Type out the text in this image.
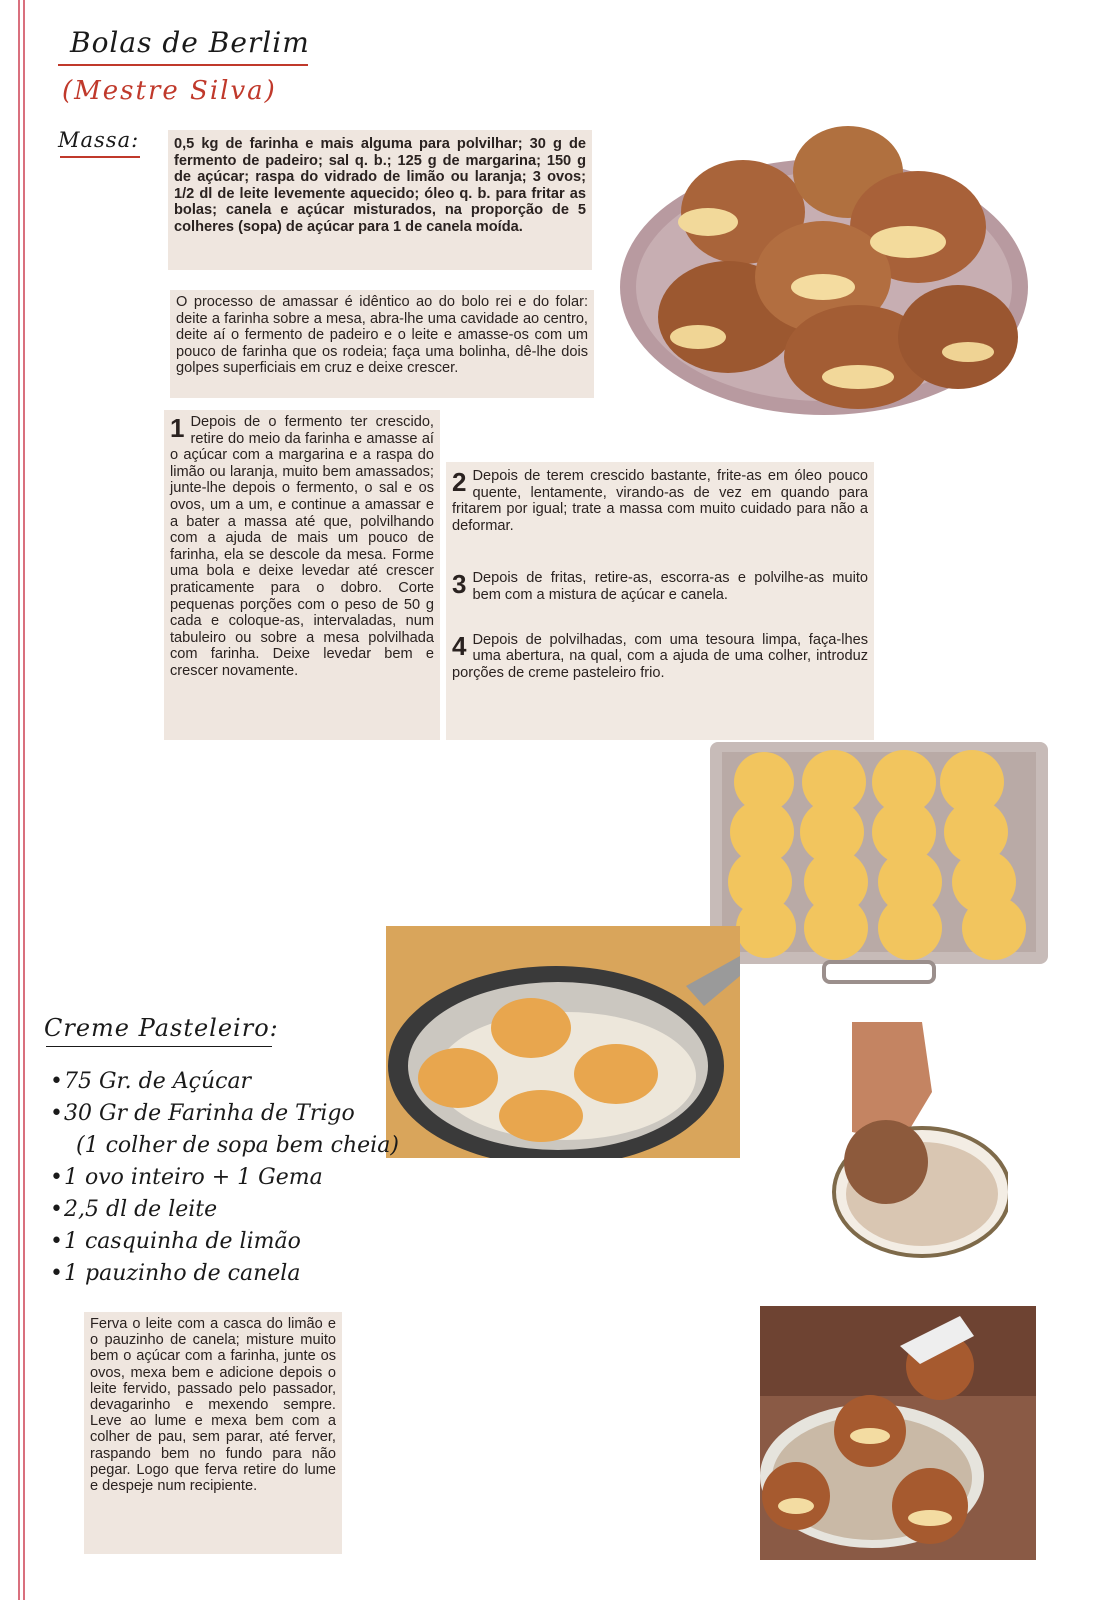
Bolas de Berlim
(Mestre Silva)
Massa:	0,5 kg de farinha e mais alguma para polvilhar; 30 g de fermento de padeiro; sal q. b.; 125 g de margarina; 150 g de açúcar; raspa do vidrado de limão ou laranja; 3 ovos; 1/2 dl de leite levemente aquecido; óleo q. b. para fritar as bolas; canela e açúcar misturados, na proporção de 5 colheres (sopa) de açúcar para 1 de canela moída.
O processo de amassar é idêntico ao do bolo rei e do folar: deite a farinha sobre a mesa, abra-lhe uma cavidade ao centro, deite aí o fermento de padeiro e o leite e amasse-os com um pouco de farinha que os rodeia; faça uma bolinha, dê-lhe dois golpes superficiais em cruz e deixe crescer.
1 Depois de o fermento ter crescido, retire do meio da farinha e amasse aí o açúcar com a margarina e a raspa do limão ou laranja, muito bem amassados; junte-lhe depois o fermento, o sal e os ovos, um a um, e continue a amassar e a bater a massa até que, polvilhando com a ajuda de mais um pouco de farinha, ela se descole da mesa. Forme uma bola e deixe levedar até crescer praticamente para o dobro. Corte pequenas porções com o peso de 50 g cada e coloque-as, intervaladas, num tabuleiro ou sobre a mesa polvilhada com farinha. Deixe levedar bem e crescer novamente.
2 Depois de terem crescido bastante, frite-as em óleo pouco quente, lentamente, virando-as de vez em quando para fritarem por igual; trate a massa com muito cuidado para não a deformar.
3 Depois de fritas, retire-as, escorra-as e polvilhe-as muito bem com a mistura de açúcar e canela.
4 Depois de polvilhadas, com uma tesoura limpa, faça-lhes uma abertura, na qual, com a ajuda de uma colher, introduz porções de creme pasteleiro frio.
Creme Pasteleiro:
•75 Gr. de Açúcar
•30 Gr de Farinha de Trigo
(1 colher de sopa bem cheia)
•1 ovo inteiro + 1 Gema
•2,5 dl de leite
•1 casquinha de limão
•1 pauzinho de canela
Ferva o leite com a casca do limão e o pauzinho de canela; misture muito bem o açúcar com a farinha, junte os ovos, mexa bem e adicione depois o leite fervido, passado pelo passador, devagarinho e mexendo sempre. Leve ao lume e mexa bem com a colher de pau, sem parar, até ferver, raspando bem no fundo para não pegar. Logo que ferva retire do lume e despeje num recipiente.
